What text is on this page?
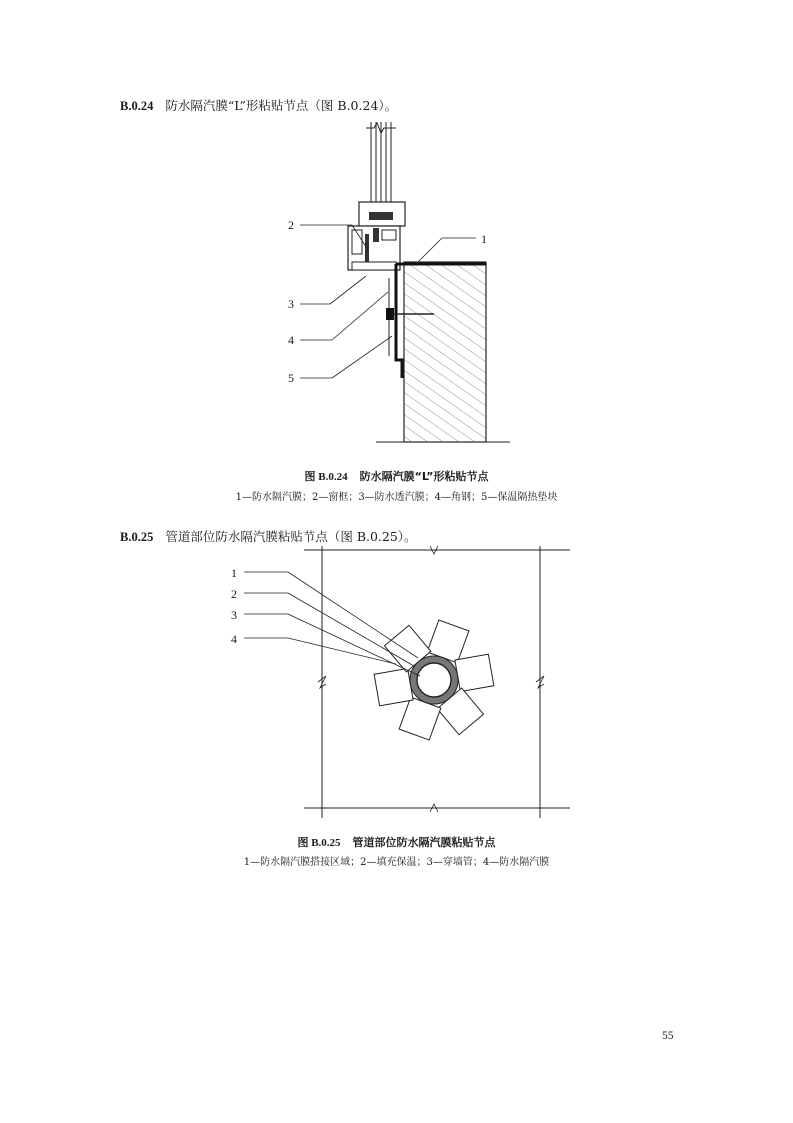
B.0.24 防水隔汽膜“L”形粘贴节点（图 B.0.24）。
2
1
3
4
5
图 B.0.24 防水隔汽膜“L”形粘贴节点
1—防水隔汽膜；2—窗框；3—防水透汽膜；4—角钢；5—保温隔热垫块
B.0.25 管道部位防水隔汽膜粘贴节点（图 B.0.25）。
1
2
3
4
图 B.0.25 管道部位防水隔汽膜粘贴节点
1—防水隔汽膜搭接区域；2—填充保温；3—穿墙管；4—防水隔汽膜
55
